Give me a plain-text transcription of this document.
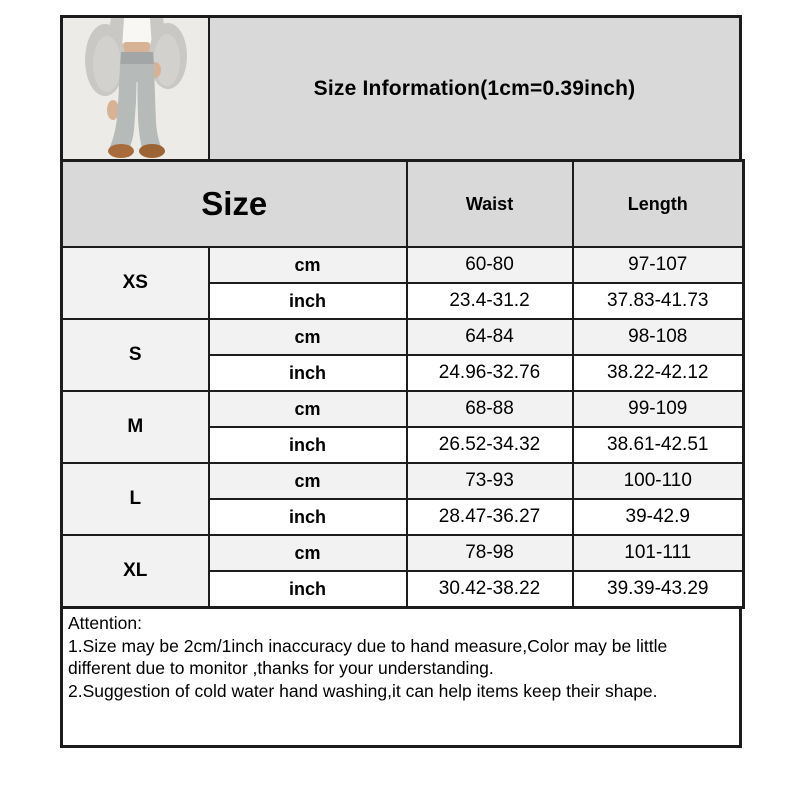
Size Information(1cm=0.39inch)
Size		Waist	Length
XS	cm	60-80	97-107
	inch	23.4-31.2	37.83-41.73
S	cm	64-84	98-108
	inch	24.96-32.76	38.22-42.12
M	cm	68-88	99-109
	inch	26.52-34.32	38.61-42.51
L	cm	73-93	100-110
	inch	28.47-36.27	39-42.9
XL	cm	78-98	101-111
	inch	30.42-38.22	39.39-43.29
Attention:
1.Size may be 2cm/1inch inaccuracy due to hand measure,Color may be little
different due to monitor ,thanks for your understanding.
2.Suggestion of cold water hand washing,it can help items keep their shape.
